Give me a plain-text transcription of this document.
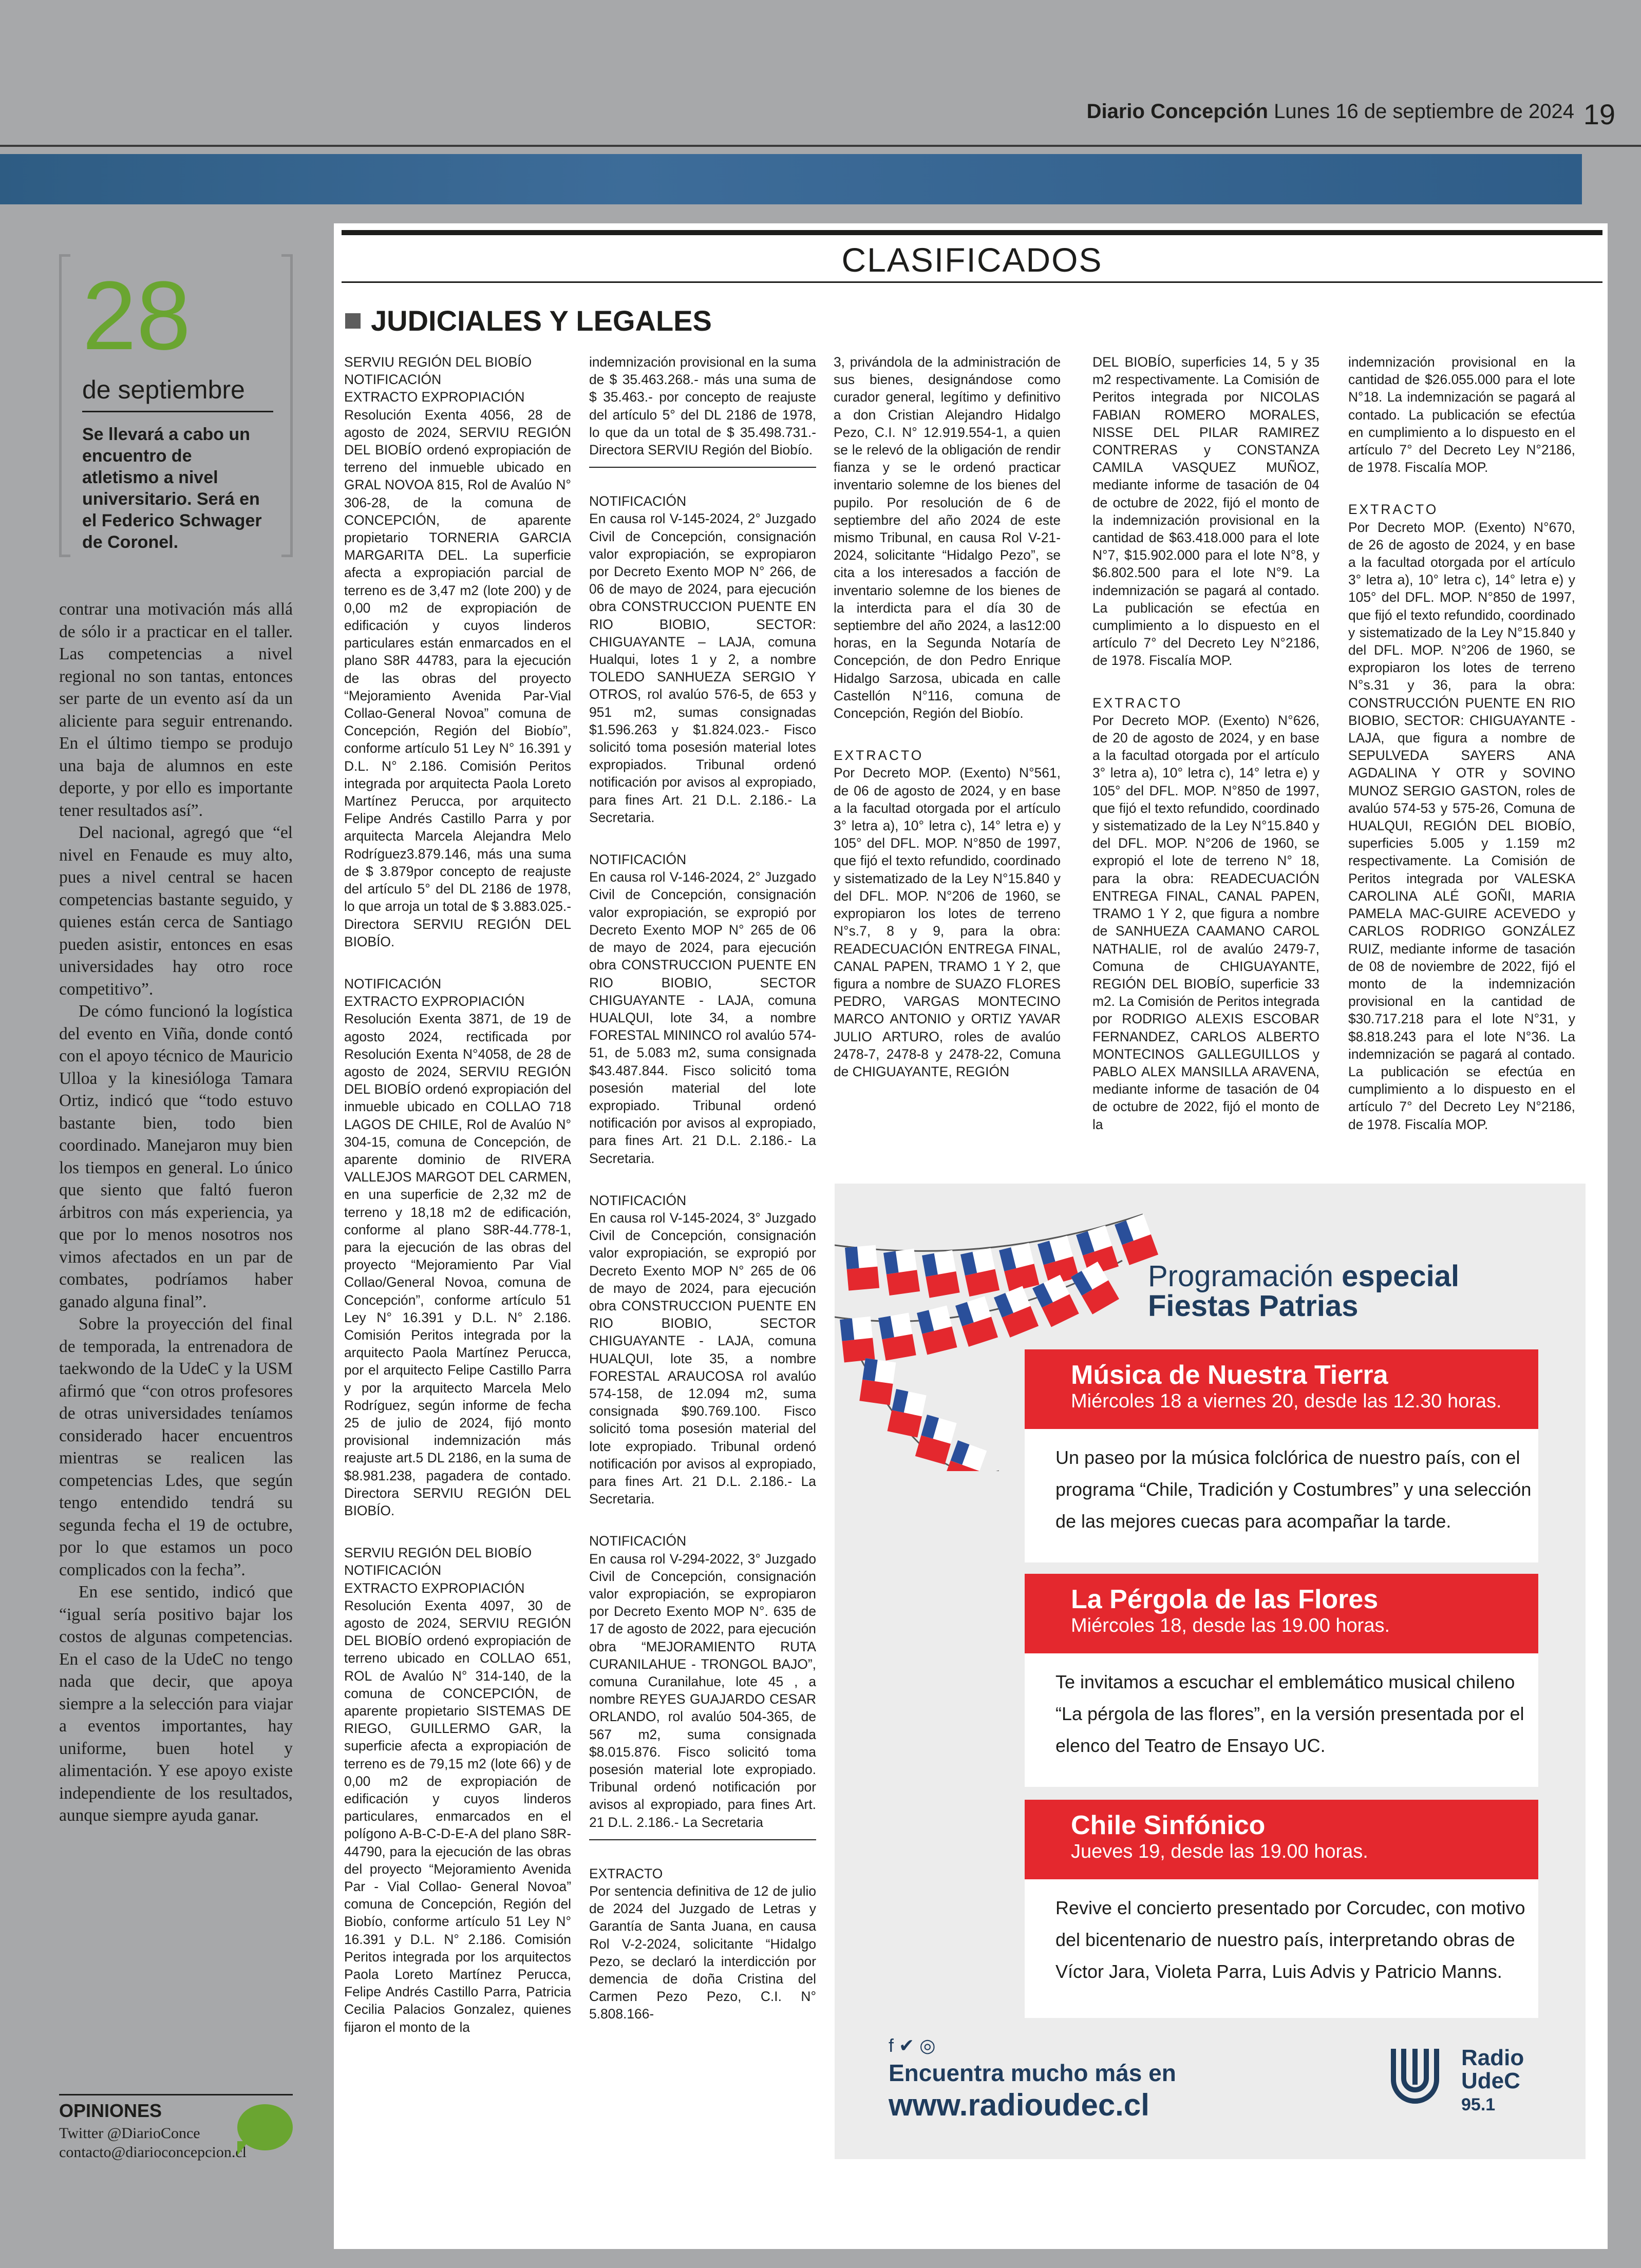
Diario Concepción Lunes 16 de septiembre de 2024 19
28
de septiembre
Se llevará a cabo un encuentro de atletismo a nivel universitario. Será en el Federico Schwager de Coronel.

contrar una motivación más allá de sólo ir a practicar en el taller. Las competencias a nivel regional no son tantas, entonces ser parte de un evento así da un aliciente para seguir entrenando. En el último tiempo se produjo una baja de alumnos en este deporte, y por ello es importante tener resultados así”.

Del nacional, agregó que “el nivel en Fenaude es muy alto, pues a nivel central se hacen competencias bastante seguido, y quienes están cerca de Santiago pueden asistir, entonces en esas universidades hay otro roce competitivo”.

De cómo funcionó la logística del evento en Viña, donde contó con el apoyo técnico de Mauricio Ulloa y la kinesióloga Tamara Ortiz, indicó que “todo estuvo bastante bien, todo bien coordinado. Manejaron muy bien los tiempos en general. Lo único que siento que faltó fueron árbitros con más experiencia, ya que por lo menos nosotros nos vimos afectados en un par de combates, podríamos haber ganado alguna final”.

Sobre la proyección del final de temporada, la entrenadora de taekwondo de la UdeC y la USM afirmó que “con otros profesores de otras universidades teníamos considerado hacer encuentros mientras se realicen las competencias Ldes, que según tengo entendido tendrá su segunda fecha el 19 de octubre, por lo que estamos un poco complicados con la fecha”.

En ese sentido, indicó que “igual sería positivo bajar los costos de algunas competencias. En el caso de la UdeC no tengo nada que decir, que apoya siempre a la selección para viajar a eventos importantes, hay uniforme, buen hotel y alimentación. Y ese apoyo existe independiente de los resultados, aunque siempre ayuda ganar.

OPINIONES
Twitter @DiarioConce
contacto@diarioconcepcion.cl
CLASIFICADOS
JUDICIALES Y LEGALES
SERVIU REGIÓN DEL BIOBÍO
NOTIFICACIÓN
EXTRACTO EXPROPIACIÓN
Resolución Exenta 4056, 28 de agosto de 2024, SERVIU REGIÓN DEL BIOBÍO ordenó expropiación de terreno del inmueble ubicado en GRAL NOVOA 815, Rol de Avalúo N° 306-28, de la comuna de CONCEPCIÓN, de aparente propietario TORNERIA GARCIA MARGARITA DEL. La superficie afecta a expropiación parcial de terreno es de 3,47 m2 (lote 200) y de 0,00 m2 de expropiación de edificación y cuyos linderos particulares están enmarcados en el plano S8R 44783, para la ejecución de las obras del proyecto “Mejoramiento Avenida Par-Vial Collao-General Novoa” comuna de Concepción, Región del Biobío”, conforme artículo 51 Ley N° 16.391 y D.L. N° 2.186. Comisión Peritos integrada por arquitecta Paola Loreto Martínez Perucca, por arquitecto Felipe Andrés Castillo Parra y por arquitecta Marcela Alejandra Melo Rodríguez3.879.146, más una suma de $ 3.879por concepto de reajuste del artículo 5° del DL 2186 de 1978, lo que arroja un total de $ 3.883.025.- Directora SERVIU REGIÓN DEL BIOBÍO.
NOTIFICACIÓN
EXTRACTO EXPROPIACIÓN
Resolución Exenta 3871, de 19 de agosto 2024, rectificada por Resolución Exenta N°4058, de 28 de agosto de 2024, SERVIU REGIÓN DEL BIOBÍO ordenó expropiación del inmueble ubicado en COLLAO 718 LAGOS DE CHILE, Rol de Avalúo N° 304-15, comuna de Concepción, de aparente dominio de RIVERA VALLEJOS MARGOT DEL CARMEN, en una superficie de 2,32 m2 de terreno y 18,18 m2 de edificación, conforme al plano S8R-44.778-1, para la ejecución de las obras del proyecto “Mejoramiento Par Vial Collao/General Novoa, comuna de Concepción”, conforme artículo 51 Ley N° 16.391 y D.L. N° 2.186. Comisión Peritos integrada por la arquitecto Paola Martínez Perucca, por el arquitecto Felipe Castillo Parra y por la arquitecto Marcela Melo Rodríguez, según informe de fecha 25 de julio de 2024, fijó monto provisional indemnización más reajuste art.5 DL 2186, en la suma de $8.981.238, pagadera de contado. Directora SERVIU REGIÓN DEL BIOBÍO.
SERVIU REGIÓN DEL BIOBÍO
NOTIFICACIÓN
EXTRACTO EXPROPIACIÓN
Resolución Exenta 4097, 30 de agosto de 2024, SERVIU REGIÓN DEL BIOBÍO ordenó expropiación de terreno ubicado en COLLAO 651, ROL de Avalúo N° 314-140, de la comuna de CONCEPCIÓN, de aparente propietario SISTEMAS DE RIEGO, GUILLERMO GAR, la superficie afecta a expropiación de terreno es de 79,15 m2 (lote 66) y de 0,00 m2 de expropiación de edificación y cuyos linderos particulares, enmarcados en el polígono A-B-C-D-E-A del plano S8R-44790, para la ejecución de las obras del proyecto “Mejoramiento Avenida Par - Vial Collao- General Novoa” comuna de Concepción, Región del Biobío, conforme artículo 51 Ley N° 16.391 y D.L. N° 2.186. Comisión Peritos integrada por los arquitectos Paola Loreto Martínez Perucca, Felipe Andrés Castillo Parra, Patricia Cecilia Palacios Gonzalez, quienes fijaron el monto de la
indemnización provisional en la suma de $ 35.463.268.- más una suma de $ 35.463.- por concepto de reajuste del artículo 5° del DL 2186 de 1978, lo que da un total de $ 35.498.731.- Directora SERVIU Región del Biobío.
NOTIFICACIÓN
En causa rol V-145-2024, 2° Juzgado Civil de Concepción, consignación valor expropiación, se expropiaron por Decreto Exento MOP N° 266, de 06 de mayo de 2024, para ejecución obra CONSTRUCCION PUENTE EN RIO BIOBIO, SECTOR: CHIGUAYANTE – LAJA, comuna Hualqui, lotes 1 y 2, a nombre TOLEDO SANHUEZA SERGIO Y OTROS, rol avalúo 576-5, de 653 y 951 m2, sumas consignadas $1.596.263 y $1.824.023.- Fisco solicitó toma posesión material lotes expropiados. Tribunal ordenó notificación por avisos al expropiado, para fines Art. 21 D.L. 2.186.- La Secretaria.
NOTIFICACIÓN
En causa rol V-146-2024, 2° Juzgado Civil de Concepción, consignación valor expropiación, se expropió por Decreto Exento MOP N° 265 de 06 de mayo de 2024, para ejecución obra CONSTRUCCION PUENTE EN RIO BIOBIO, SECTOR CHIGUAYANTE - LAJA, comuna HUALQUI, lote 34, a nombre FORESTAL MININCO rol avalúo 574-51, de 5.083 m2, suma consignada $43.487.844. Fisco solicitó toma posesión material del lote expropiado. Tribunal ordenó notificación por avisos al expropiado, para fines Art. 21 D.L. 2.186.- La Secretaria.
NOTIFICACIÓN
En causa rol V-145-2024, 3° Juzgado Civil de Concepción, consignación valor expropiación, se expropió por Decreto Exento MOP N° 265 de 06 de mayo de 2024, para ejecución obra CONSTRUCCION PUENTE EN RIO BIOBIO, SECTOR CHIGUAYANTE - LAJA, comuna HUALQUI, lote 35, a nombre FORESTAL ARAUCOSA rol avalúo 574-158, de 12.094 m2, suma consignada $90.769.100. Fisco solicitó toma posesión material del lote expropiado. Tribunal ordenó notificación por avisos al expropiado, para fines Art. 21 D.L. 2.186.- La Secretaria.
NOTIFICACIÓN
En causa rol V-294-2022, 3° Juzgado Civil de Concepción, consignación valor expropiación, se expropiaron por Decreto Exento MOP N°. 635 de 17 de agosto de 2022, para ejecución obra “MEJORAMIENTO RUTA CURANILAHUE - TRONGOL BAJO”, comuna Curanilahue, lote 45 , a nombre REYES GUAJARDO CESAR ORLANDO, rol avalúo 504-365, de 567 m2, suma consignada $8.015.876. Fisco solicitó toma posesión material lote expropiado. Tribunal ordenó notificación por avisos al expropiado, para fines Art. 21 D.L. 2.186.- La Secretaria
EXTRACTO
Por sentencia definitiva de 12 de julio de 2024 del Juzgado de Letras y Garantía de Santa Juana, en causa Rol V-2-2024, solicitante “Hidalgo Pezo, se declaró la interdicción por demencia de doña Cristina del Carmen Pezo Pezo, C.I. N° 5.808.166-
3, privándola de la administración de sus bienes, designándose como curador general, legítimo y definitivo a don Cristian Alejandro Hidalgo Pezo, C.I. N° 12.919.554-1, a quien se le relevó de la obligación de rendir fianza y se le ordenó practicar inventario solemne de los bienes del pupilo. Por resolución de 6 de septiembre del año 2024 de este mismo Tribunal, en causa Rol V-21-2024, solicitante “Hidalgo Pezo”, se cita a los interesados a facción de inventario solemne de los bienes de la interdicta para el día 30 de septiembre del año 2024, a las12:00 horas, en la Segunda Notaría de Concepción, de don Pedro Enrique Hidalgo Sarzosa, ubicada en calle Castellón N°116, comuna de Concepción, Región del Biobío.
EXTRACTO
Por Decreto MOP. (Exento) N°561, de 06 de agosto de 2024, y en base a la facultad otorgada por el artículo 3° letra a), 10° letra c), 14° letra e) y 105° del DFL. MOP. N°850 de 1997, que fijó el texto refundido, coordinado y sistematizado de la Ley N°15.840 y del DFL. MOP. N°206 de 1960, se expropiaron los lotes de terreno N°s.7, 8 y 9, para la obra: READECUACIÓN ENTREGA FINAL, CANAL PAPEN, TRAMO 1 Y 2, que figura a nombre de SUAZO FLORES PEDRO, VARGAS MONTECINO MARCO ANTONIO y ORTIZ YAVAR JULIO ARTURO, roles de avalúo 2478-7, 2478-8 y 2478-22, Comuna de CHIGUAYANTE, REGIÓN
DEL BIOBÍO, superficies 14, 5 y 35 m2 respectivamente. La Comisión de Peritos integrada por NICOLAS FABIAN ROMERO MORALES, NISSE DEL PILAR RAMIREZ CONTRERAS y CONSTANZA CAMILA VASQUEZ MUÑOZ, mediante informe de tasación de 04 de octubre de 2022, fijó el monto de la indemnización provisional en la cantidad de $63.418.000 para el lote N°7, $15.902.000 para el lote N°8, y $6.802.500 para el lote N°9. La indemnización se pagará al contado. La publicación se efectúa en cumplimiento a lo dispuesto en el artículo 7° del Decreto Ley N°2186, de 1978. Fiscalía MOP.
EXTRACTO
Por Decreto MOP. (Exento) N°626, de 20 de agosto de 2024, y en base a la facultad otorgada por el artículo 3° letra a), 10° letra c), 14° letra e) y 105° del DFL. MOP. N°850 de 1997, que fijó el texto refundido, coordinado y sistematizado de la Ley N°15.840 y del DFL. MOP. N°206 de 1960, se expropió el lote de terreno N° 18, para la obra: READECUACIÓN ENTREGA FINAL, CANAL PAPEN, TRAMO 1 Y 2, que figura a nombre de SANHUEZA CAAMANO CAROL NATHALIE, rol de avalúo 2479-7, Comuna de CHIGUAYANTE, REGIÓN DEL BIOBÍO, superficie 33 m2. La Comisión de Peritos integrada por RODRIGO ALEXIS ESCOBAR FERNANDEZ, CARLOS ALBERTO MONTECINOS GALLEGUILLOS y PABLO ALEX MANSILLA ARAVENA, mediante informe de tasación de 04 de octubre de 2022, fijó el monto de la
indemnización provisional en la cantidad de $26.055.000 para el lote N°18. La indemnización se pagará al contado. La publicación se efectúa en cumplimiento a lo dispuesto en el artículo 7° del Decreto Ley N°2186, de 1978. Fiscalía MOP.
EXTRACTO
Por Decreto MOP. (Exento) N°670, de 26 de agosto de 2024, y en base a la facultad otorgada por el artículo 3° letra a), 10° letra c), 14° letra e) y 105° del DFL. MOP. N°850 de 1997, que fijó el texto refundido, coordinado y sistematizado de la Ley N°15.840 y del DFL. MOP. N°206 de 1960, se expropiaron los lotes de terreno N°s.31 y 36, para la obra: CONSTRUCCIÓN PUENTE EN RIO BIOBIO, SECTOR: CHIGUAYANTE - LAJA, que figura a nombre de SEPULVEDA SAYERS ANA AGDALINA Y OTR y SOVINO MUNOZ SERGIO GASTON, roles de avalúo 574-53 y 575-26, Comuna de HUALQUI, REGIÓN DEL BIOBÍO, superficies 5.005 y 1.159 m2 respectivamente. La Comisión de Peritos integrada por VALESKA CAROLINA ALÉ GOÑI, MARIA PAMELA MAC-GUIRE ACEVEDO y CARLOS RODRIGO GONZÁLEZ RUIZ, mediante informe de tasación de 08 de noviembre de 2022, fijó el monto de la indemnización provisional en la cantidad de $30.717.218 para el lote N°31, y $8.818.243 para el lote N°36. La indemnización se pagará al contado. La publicación se efectúa en cumplimiento a lo dispuesto en el artículo 7° del Decreto Ley N°2186, de 1978. Fiscalía MOP.
Programación especial
Fiestas Patrias
Música de Nuestra Tierra
Miércoles 18 a viernes 20, desde las 12.30 horas.
Un paseo por la música folclórica de nuestro país, con el
programa “Chile, Tradición y Costumbres” y una selección
de las mejores cuecas para acompañar la tarde.
La Pérgola de las Flores
Miércoles 18, desde las 19.00 horas.
Te invitamos a escuchar el emblemático musical chileno
“La pérgola de las flores”, en la versión presentada por el
elenco del Teatro de Ensayo UC.
Chile Sinfónico
Jueves 19, desde las 19.00 horas.
Revive el concierto presentado por Corcudec, con motivo
del bicentenario de nuestro país, interpretando obras de
Víctor Jara, Violeta Parra, Luis Advis y Patricio Manns.
f ✔ ◎
Encuentra mucho más en
www.radioudec.cl
Radio
UdeC
95.1
